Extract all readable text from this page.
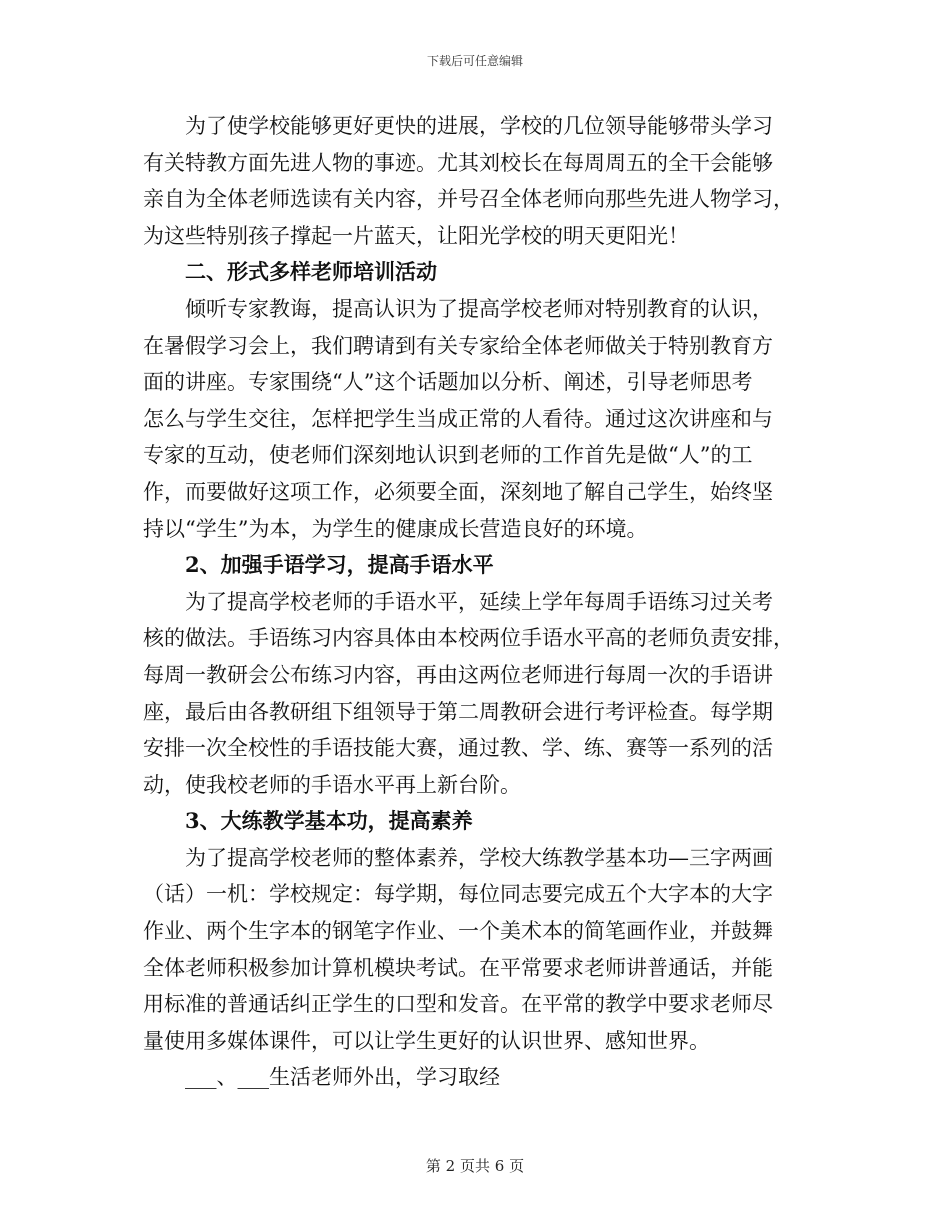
下载后可任意编辑
为了使学校能够更好更快的进展，学校的几位领导能够带头学习
有关特教方面先进人物的事迹。尤其刘校长在每周周五的全干会能够
亲自为全体老师选读有关内容，并号召全体老师向那些先进人物学习，
为这些特别孩子撑起一片蓝天，让阳光学校的明天更阳光！
二、形式多样老师培训活动
倾听专家教诲，提高认识为了提高学校老师对特别教育的认识，
在暑假学习会上，我们聘请到有关专家给全体老师做关于特别教育方
面的讲座。专家围绕“人”这个话题加以分析、阐述，引导老师思考
怎么与学生交往，怎样把学生当成正常的人看待。通过这次讲座和与
专家的互动，使老师们深刻地认识到老师的工作首先是做“人”的工
作，而要做好这项工作，必须要全面，深刻地了解自己学生，始终坚
持以“学生”为本，为学生的健康成长营造良好的环境。
2、加强手语学习，提高手语水平
为了提高学校老师的手语水平，延续上学年每周手语练习过关考
核的做法。手语练习内容具体由本校两位手语水平高的老师负责安排，
每周一教研会公布练习内容，再由这两位老师进行每周一次的手语讲
座，最后由各教研组下组领导于第二周教研会进行考评检查。每学期
安排一次全校性的手语技能大赛，通过教、学、练、赛等一系列的活
动，使我校老师的手语水平再上新台阶。
3、大练教学基本功，提高素养
为了提高学校老师的整体素养，学校大练教学基本功—三字两画
（话）一机：学校规定：每学期，每位同志要完成五个大字本的大字
作业、两个生字本的钢笔字作业、一个美术本的简笔画作业，并鼓舞
全体老师积极参加计算机模块考试。在平常要求老师讲普通话，并能
用标准的普通话纠正学生的口型和发音。在平常的教学中要求老师尽
量使用多媒体课件，可以让学生更好的认识世界、感知世界。
___、___生活老师外出，学习取经
第 2 页共 6 页
